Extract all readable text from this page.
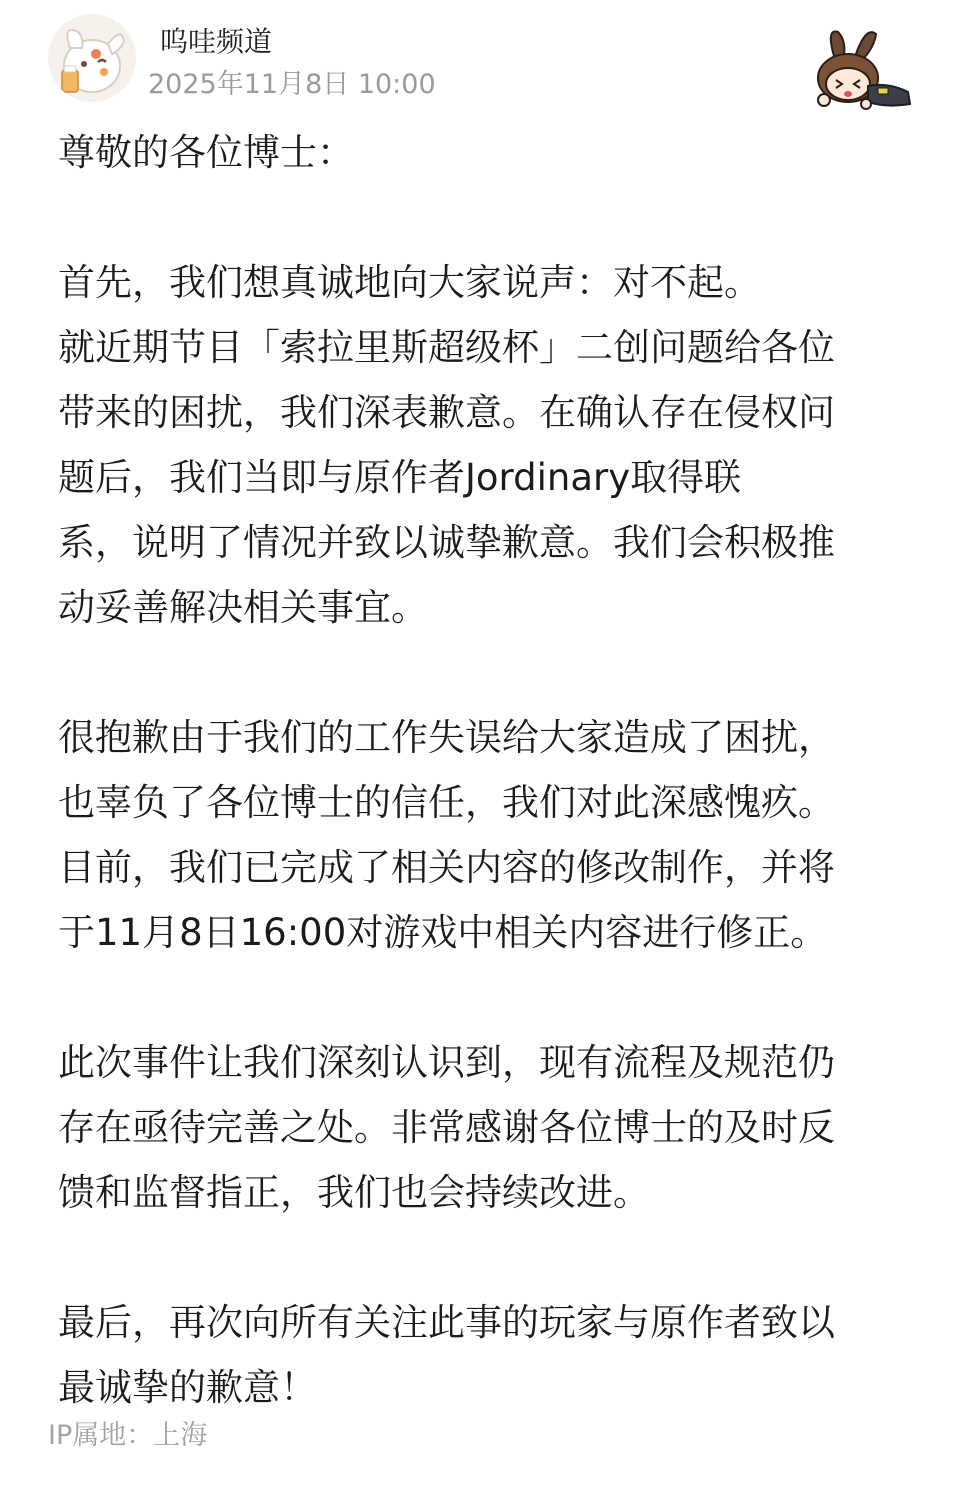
呜哇频道
2025年11月8日 10:00
尊敬的各位博士：
首先，我们想真诚地向大家说声：对不起。
就近期节目「索拉里斯超级杯」二创问题给各位
带来的困扰，我们深表歉意。在确认存在侵权问
题后，我们当即与原作者Jordinary取得联
系，说明了情况并致以诚挚歉意。我们会积极推
动妥善解决相关事宜。
很抱歉由于我们的工作失误给大家造成了困扰，
也辜负了各位博士的信任，我们对此深感愧疚。
目前，我们已完成了相关内容的修改制作，并将
于11月8日16:00对游戏中相关内容进行修正。
此次事件让我们深刻认识到，现有流程及规范仍
存在亟待完善之处。非常感谢各位博士的及时反
馈和监督指正，我们也会持续改进。
最后，再次向所有关注此事的玩家与原作者致以
最诚挚的歉意！
IP属地：上海
